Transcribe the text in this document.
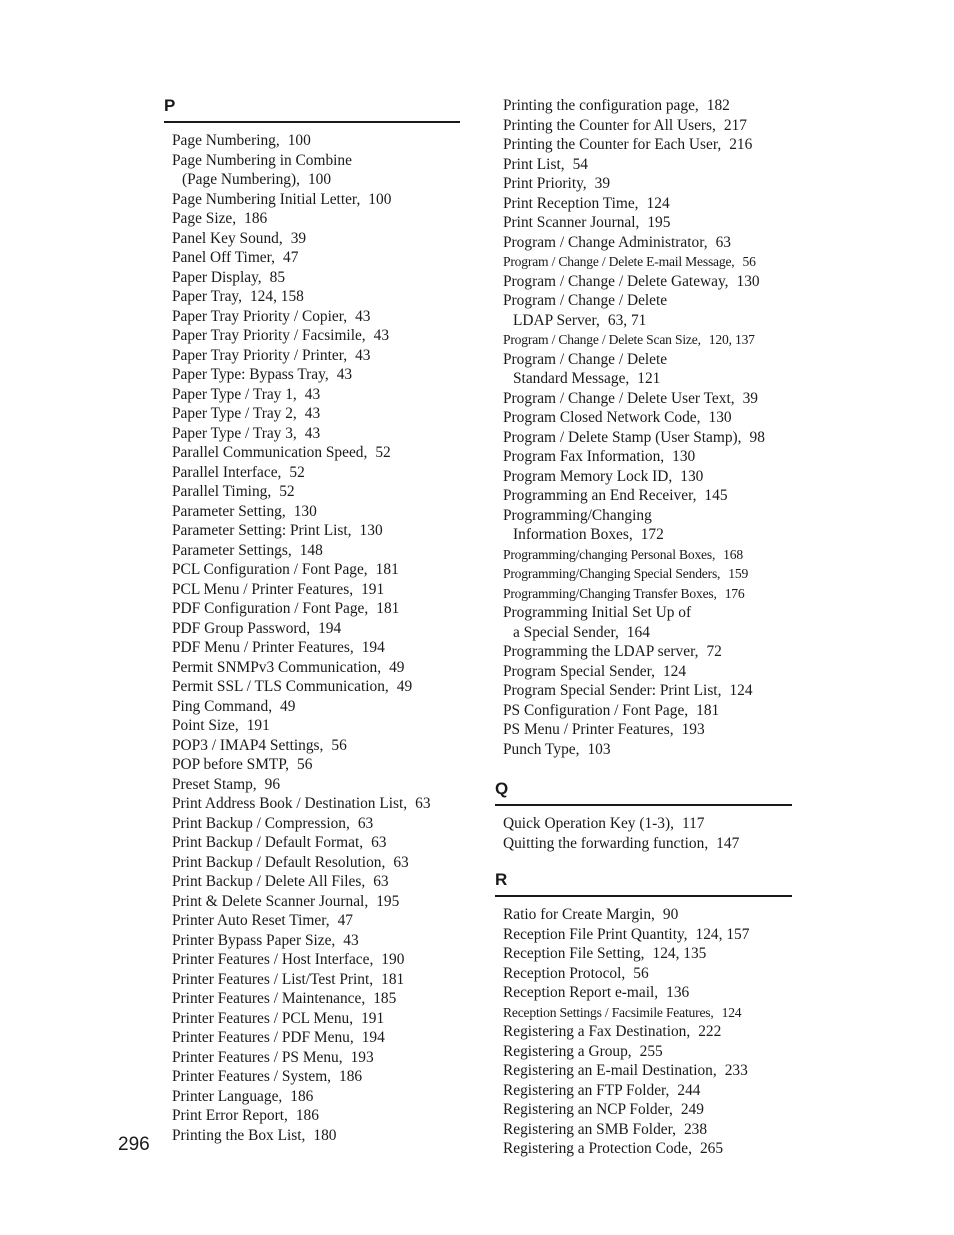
P
Page Numbering, 100
Page Numbering in Combine
(Page Numbering), 100
Page Numbering Initial Letter, 100
Page Size, 186
Panel Key Sound, 39
Panel Off Timer, 47
Paper Display, 85
Paper Tray, 124, 158
Paper Tray Priority / Copier, 43
Paper Tray Priority / Facsimile, 43
Paper Tray Priority / Printer, 43
Paper Type: Bypass Tray, 43
Paper Type / Tray 1, 43
Paper Type / Tray 2, 43
Paper Type / Tray 3, 43
Parallel Communication Speed, 52
Parallel Interface, 52
Parallel Timing, 52
Parameter Setting, 130
Parameter Setting: Print List, 130
Parameter Settings, 148
PCL Configuration / Font Page, 181
PCL Menu / Printer Features, 191
PDF Configuration / Font Page, 181
PDF Group Password, 194
PDF Menu / Printer Features, 194
Permit SNMPv3 Communication, 49
Permit SSL / TLS Communication, 49
Ping Command, 49
Point Size, 191
POP3 / IMAP4 Settings, 56
POP before SMTP, 56
Preset Stamp, 96
Print Address Book / Destination List, 63
Print Backup / Compression, 63
Print Backup / Default Format, 63
Print Backup / Default Resolution, 63
Print Backup / Delete All Files, 63
Print & Delete Scanner Journal, 195
Printer Auto Reset Timer, 47
Printer Bypass Paper Size, 43
Printer Features / Host Interface, 190
Printer Features / List/Test Print, 181
Printer Features / Maintenance, 185
Printer Features / PCL Menu, 191
Printer Features / PDF Menu, 194
Printer Features / PS Menu, 193
Printer Features / System, 186
Printer Language, 186
Print Error Report, 186
Printing the Box List, 180
Printing the configuration page, 182
Printing the Counter for All Users, 217
Printing the Counter for Each User, 216
Print List, 54
Print Priority, 39
Print Reception Time, 124
Print Scanner Journal, 195
Program / Change Administrator, 63
Program / Change / Delete E-mail Message, 56
Program / Change / Delete Gateway, 130
Program / Change / Delete
LDAP Server, 63, 71
Program / Change / Delete Scan Size, 120, 137
Program / Change / Delete
Standard Message, 121
Program / Change / Delete User Text, 39
Program Closed Network Code, 130
Program / Delete Stamp (User Stamp), 98
Program Fax Information, 130
Program Memory Lock ID, 130
Programming an End Receiver, 145
Programming/Changing
Information Boxes, 172
Programming/changing Personal Boxes, 168
Programming/Changing Special Senders, 159
Programming/Changing Transfer Boxes, 176
Programming Initial Set Up of
a Special Sender, 164
Programming the LDAP server, 72
Program Special Sender, 124
Program Special Sender: Print List, 124
PS Configuration / Font Page, 181
PS Menu / Printer Features, 193
Punch Type, 103
Q
Quick Operation Key (1-3), 117
Quitting the forwarding function, 147
R
Ratio for Create Margin, 90
Reception File Print Quantity, 124, 157
Reception File Setting, 124, 135
Reception Protocol, 56
Reception Report e-mail, 136
Reception Settings / Facsimile Features, 124
Registering a Fax Destination, 222
Registering a Group, 255
Registering an E-mail Destination, 233
Registering an FTP Folder, 244
Registering an NCP Folder, 249
Registering an SMB Folder, 238
Registering a Protection Code, 265
296
